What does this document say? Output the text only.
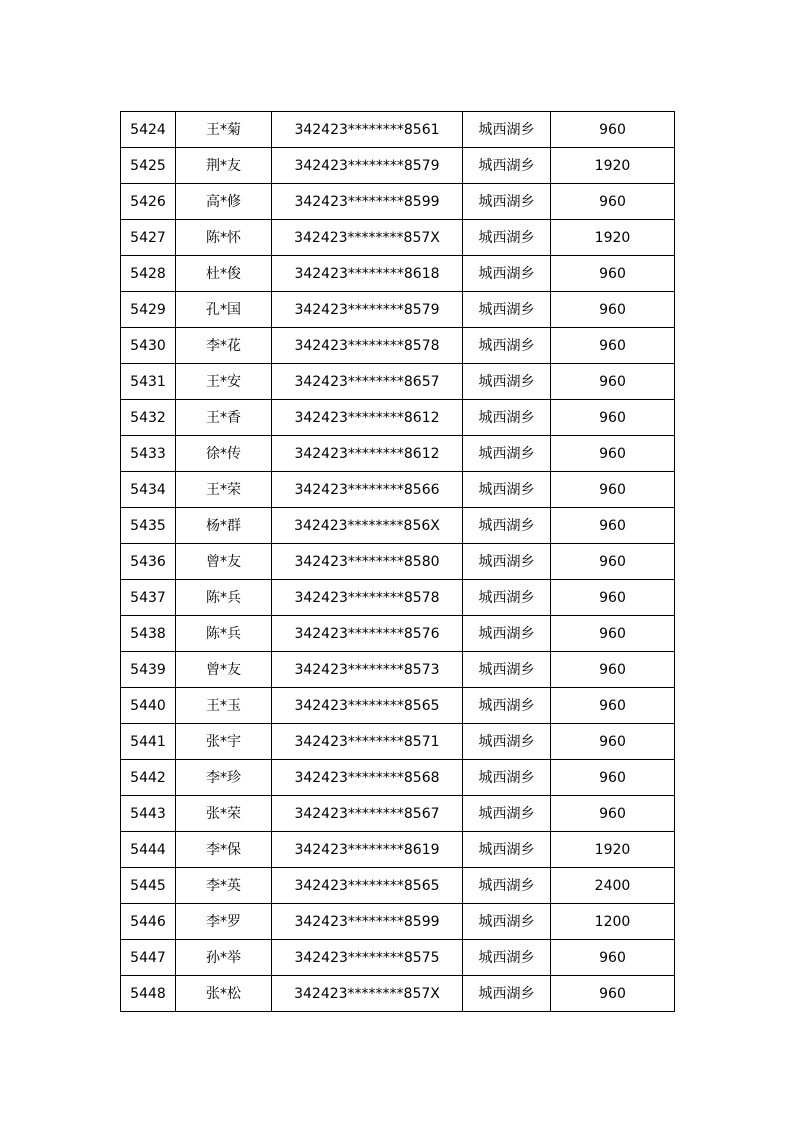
5424	王*菊	342423********8561	城西湖乡	960
5425	荆*友	342423********8579	城西湖乡	1920
5426	高*修	342423********8599	城西湖乡	960
5427	陈*怀	342423********857X	城西湖乡	1920
5428	杜*俊	342423********8618	城西湖乡	960
5429	孔*国	342423********8579	城西湖乡	960
5430	李*花	342423********8578	城西湖乡	960
5431	王*安	342423********8657	城西湖乡	960
5432	王*香	342423********8612	城西湖乡	960
5433	徐*传	342423********8612	城西湖乡	960
5434	王*荣	342423********8566	城西湖乡	960
5435	杨*群	342423********856X	城西湖乡	960
5436	曾*友	342423********8580	城西湖乡	960
5437	陈*兵	342423********8578	城西湖乡	960
5438	陈*兵	342423********8576	城西湖乡	960
5439	曾*友	342423********8573	城西湖乡	960
5440	王*玉	342423********8565	城西湖乡	960
5441	张*宇	342423********8571	城西湖乡	960
5442	李*珍	342423********8568	城西湖乡	960
5443	张*荣	342423********8567	城西湖乡	960
5444	李*保	342423********8619	城西湖乡	1920
5445	李*英	342423********8565	城西湖乡	2400
5446	李*罗	342423********8599	城西湖乡	1200
5447	孙*举	342423********8575	城西湖乡	960
5448	张*松	342423********857X	城西湖乡	960
